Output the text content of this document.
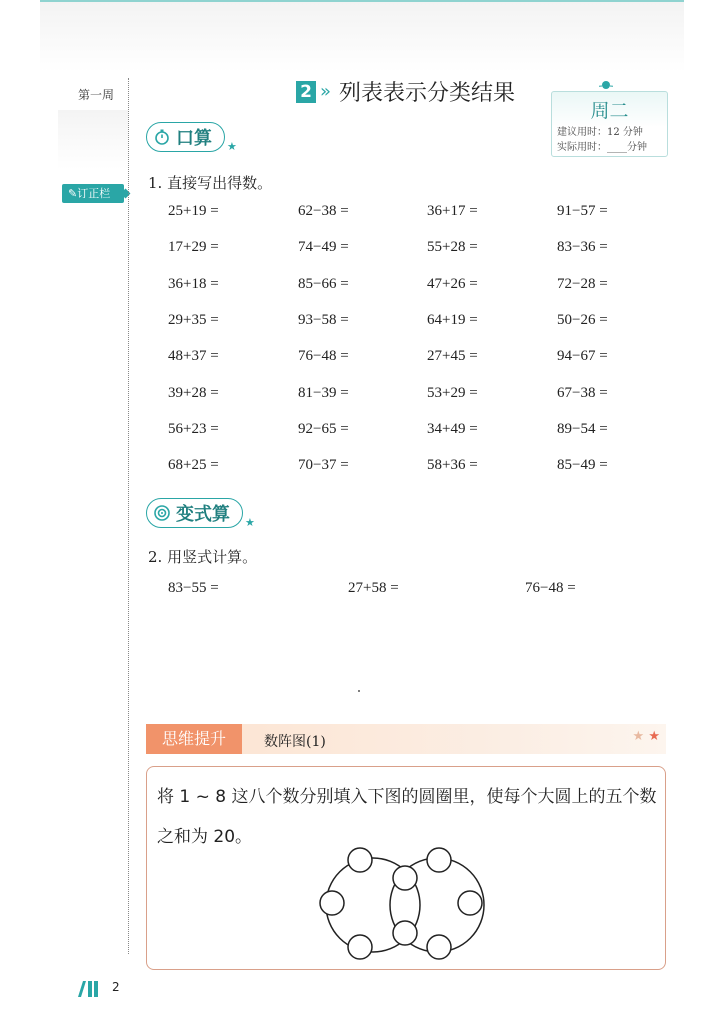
第一周
✎订正栏
2 » 列表表示分类结果
周二
建议用时：12 分钟
实际用时：____分钟
口算 ★
1. 直接写出得数。
25+19 =	62−38 =	36+17 =	91−57 =
17+29 =	74−49 =	55+28 =	83−36 =
36+18 =	85−66 =	47+26 =	72−28 =
29+35 =	93−58 =	64+19 =	50−26 =
48+37 =	76−48 =	27+45 =	94−67 =
39+28 =	81−39 =	53+29 =	67−38 =
56+23 =	92−65 =	34+49 =	89−54 =
68+25 =	70−37 =	58+36 =	85−49 =
变式算 ★
2. 用竖式计算。
83−55 =	27+58 =	76−48 =
思维提升	数阵图(1)	★ ★
将 1 ~ 8 这八个数分别填入下图的圆圈里，使每个大圆上的五个数之和为 20。
2
